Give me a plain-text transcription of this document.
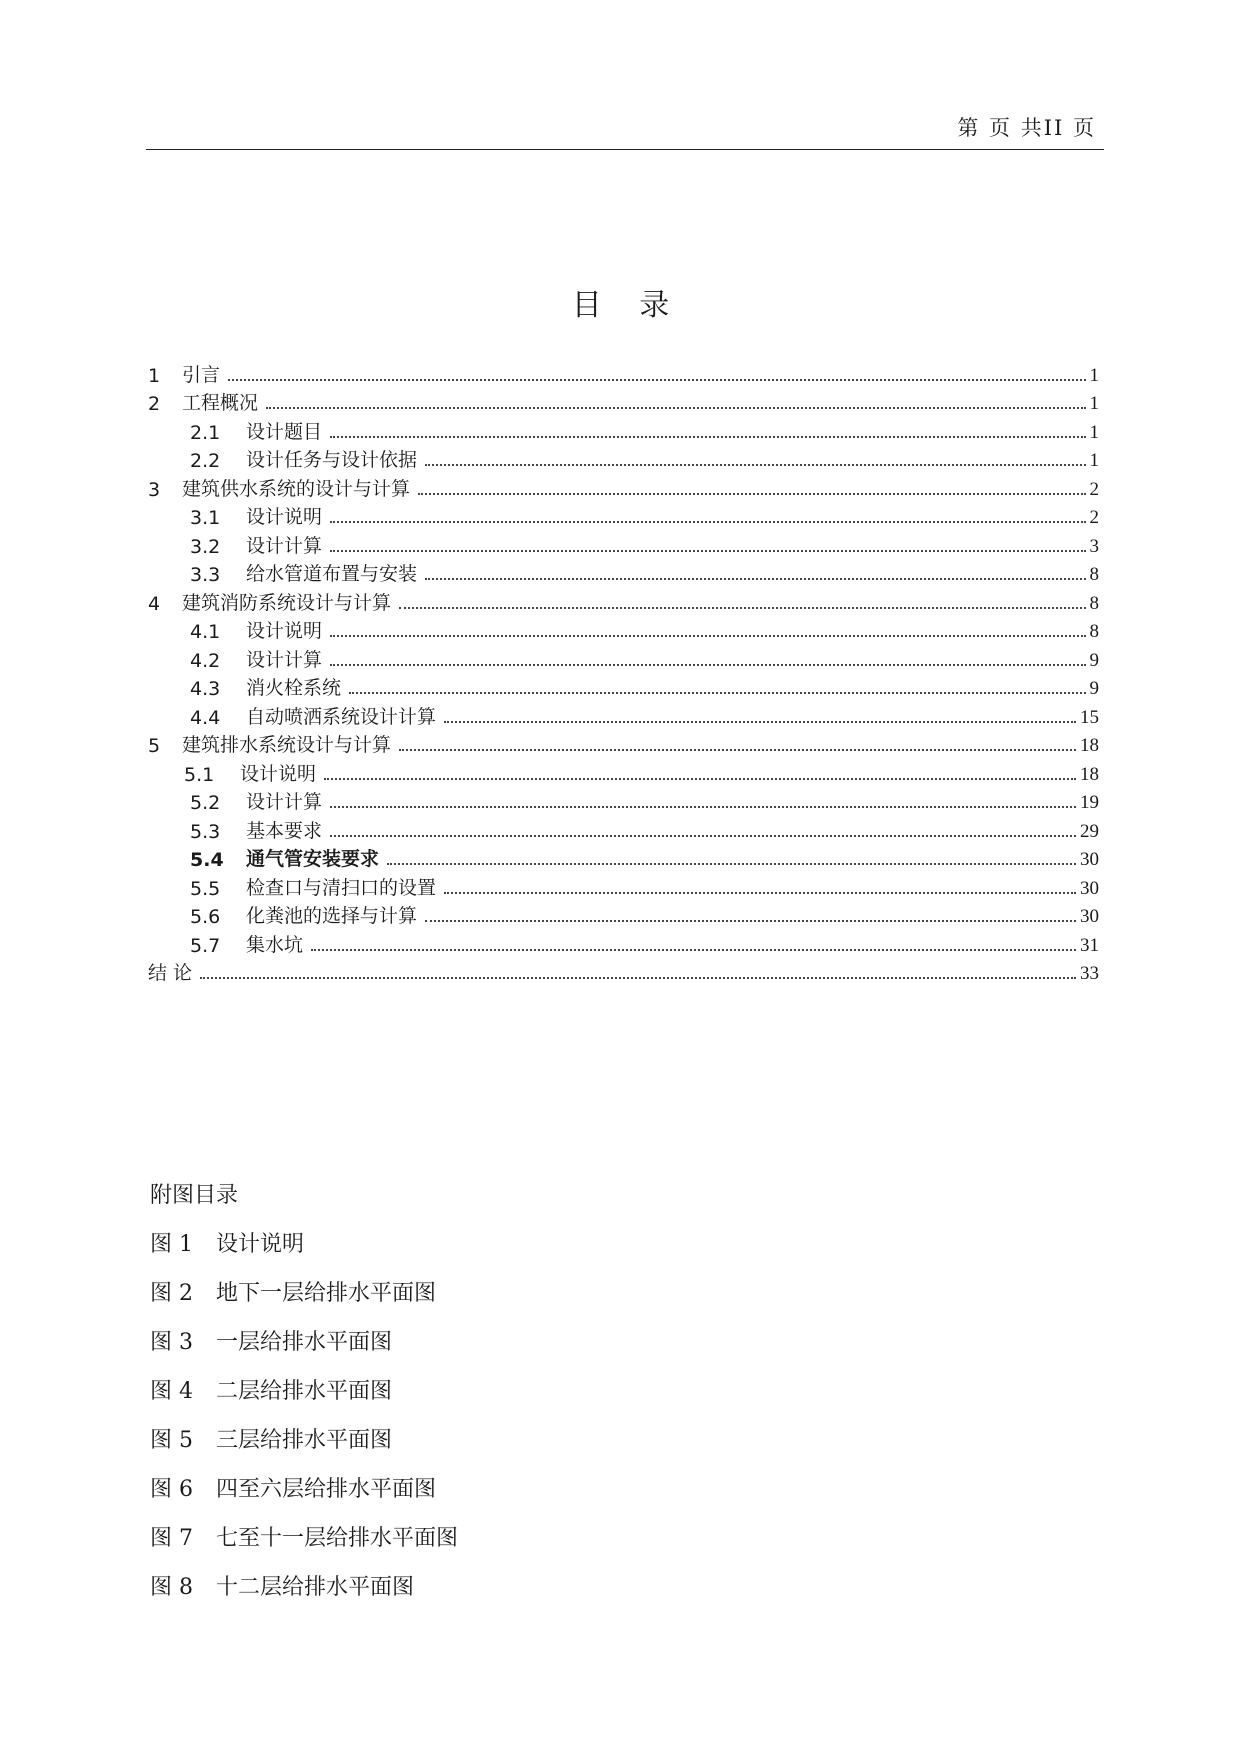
第 页 共II 页
目 录
1	引言	1
2	工程概况	1
2.1	设计题目	1
2.2	设计任务与设计依据	1
3	建筑供水系统的设计与计算	2
3.1	设计说明	2
3.2	设计计算	3
3.3	给水管道布置与安装	8
4	建筑消防系统设计与计算	8
4.1	设计说明	8
4.2	设计计算	9
4.3	消火栓系统	9
4.4	自动喷洒系统设计计算	15
5	建筑排水系统设计与计算	18
5.1	设计说明	18
5.2	设计计算	19
5.3	基本要求	29
5.4	通气管安装要求	30
5.5	检查口与清扫口的设置	30
5.6	化粪池的选择与计算	30
5.7	集水坑	31
结 论	33
附图目录
图 1 设计说明
图 2 地下一层给排水平面图
图 3 一层给排水平面图
图 4 二层给排水平面图
图 5 三层给排水平面图
图 6 四至六层给排水平面图
图 7 七至十一层给排水平面图
图 8 十二层给排水平面图
